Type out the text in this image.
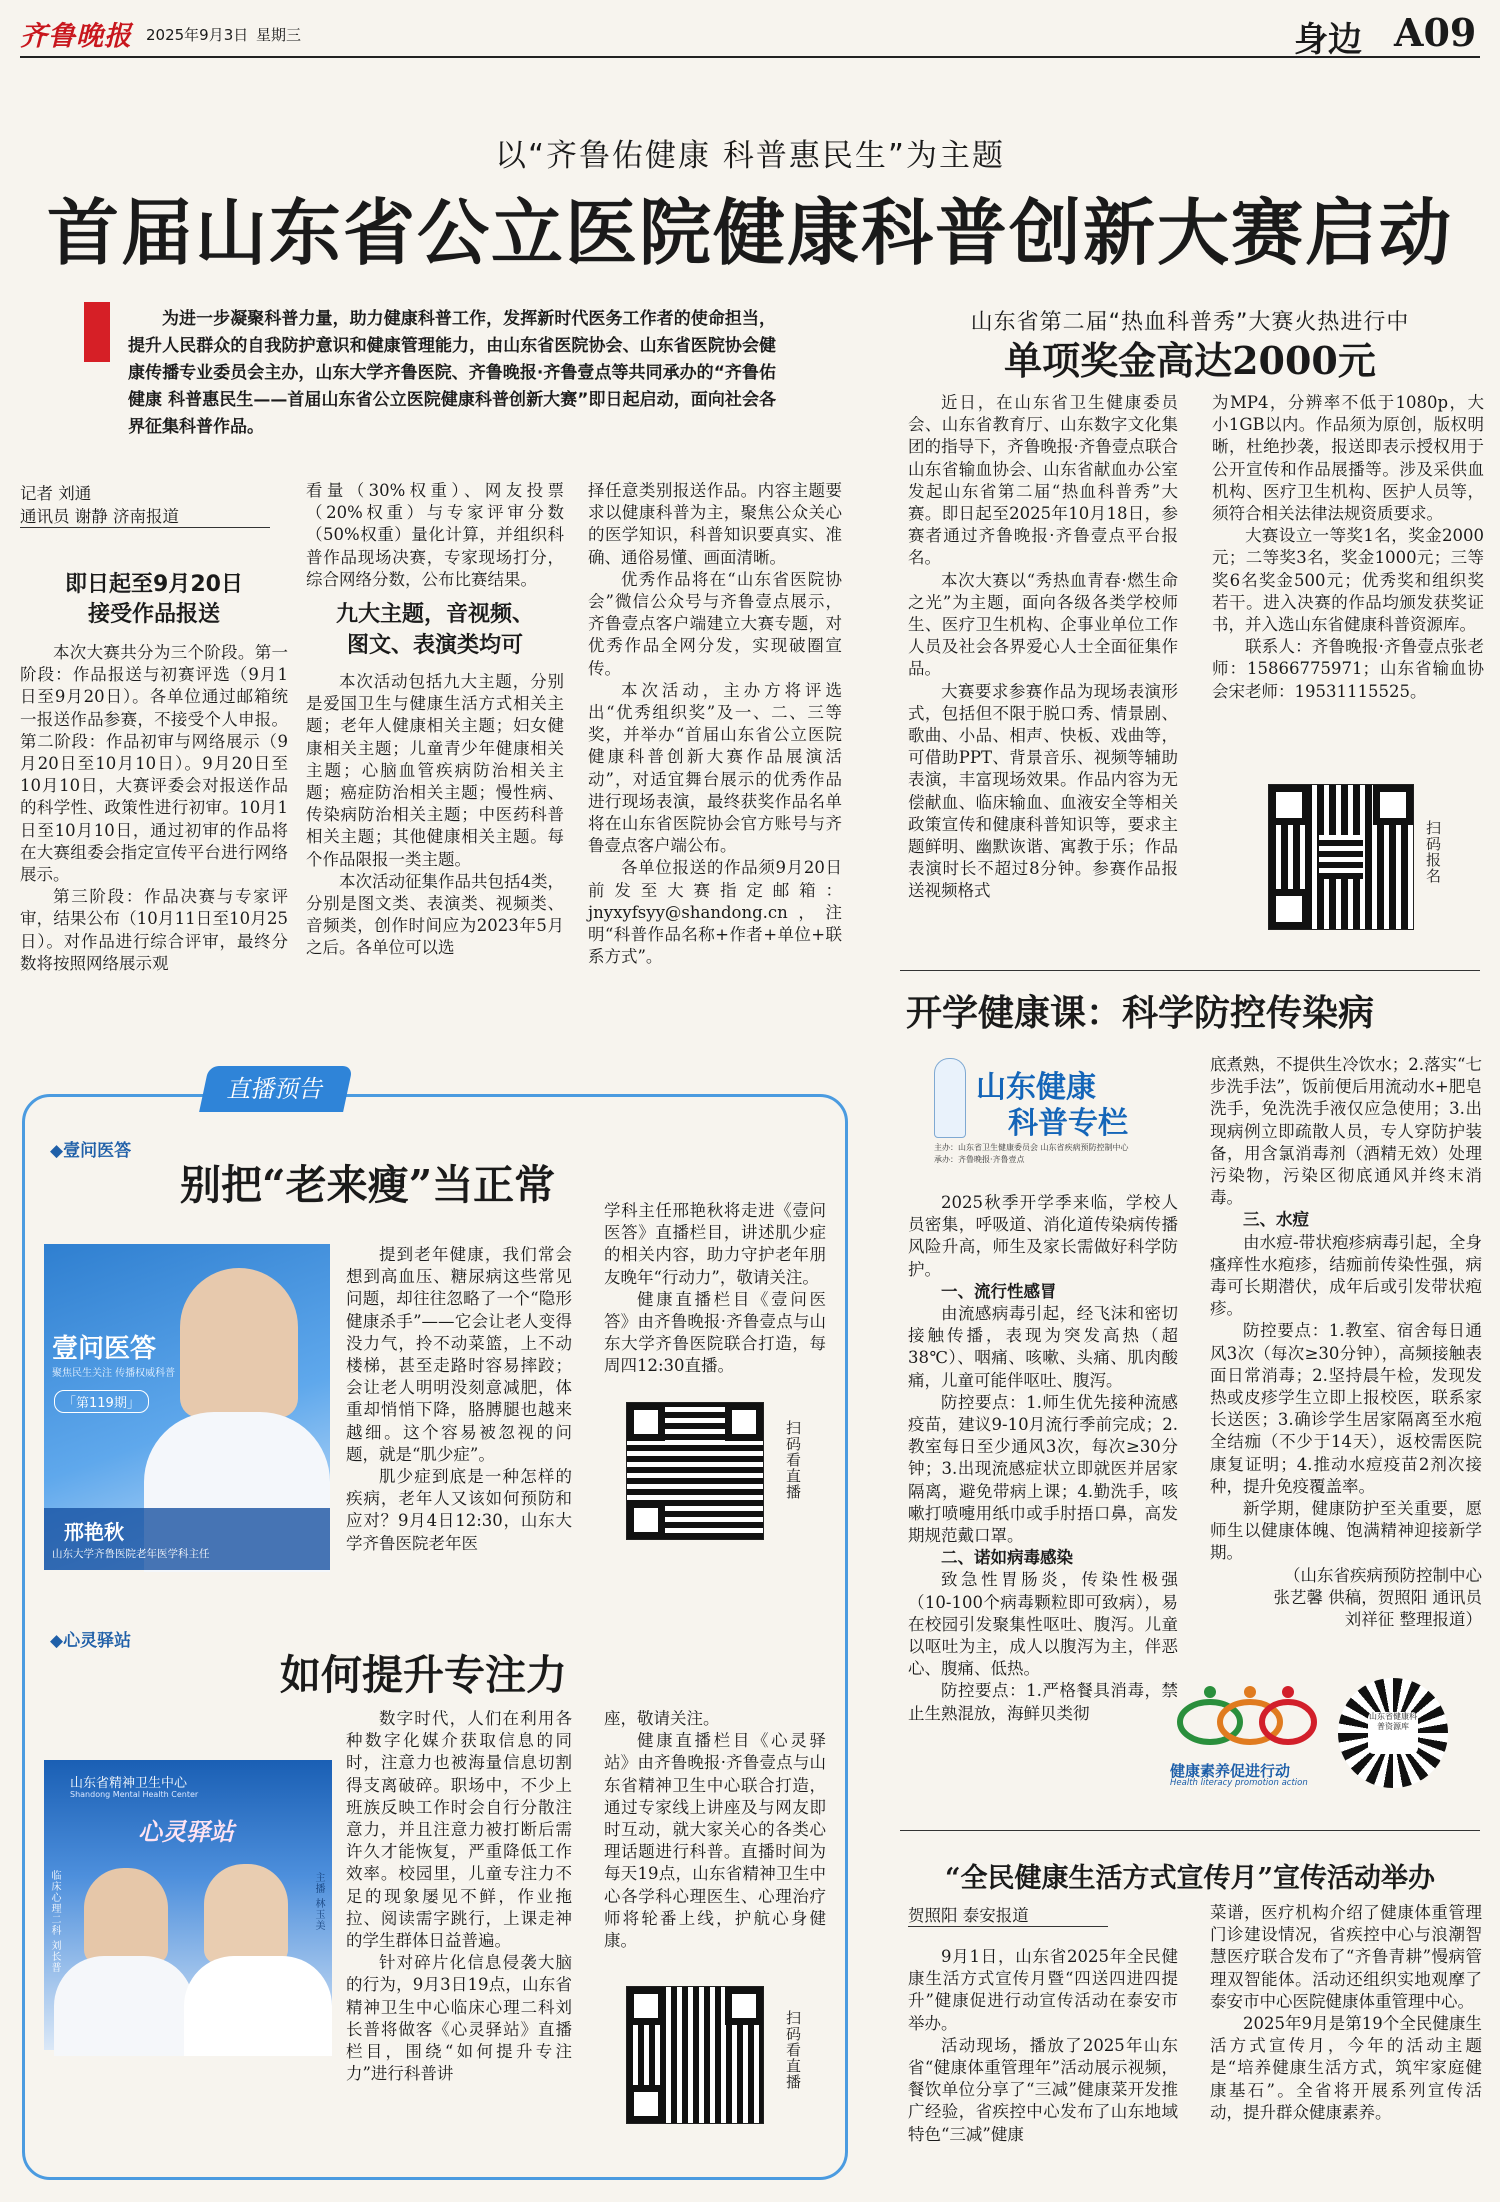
齐鲁晚报 2025年9月3日 星期三	身边 A09
以“齐鲁佑健康 科普惠民生”为主题
首届山东省公立医院健康科普创新大赛启动

为进一步凝聚科普力量，助力健康科普工作，发挥新时代医务工作者的使命担当，提升人民群众的自我防护意识和健康管理能力，由山东省医院协会、山东省医院协会健康传播专业委员会主办，山东大学齐鲁医院、齐鲁晚报·齐鲁壹点等共同承办的“齐鲁佑健康 科普惠民生——首届山东省公立医院健康科普创新大赛”即日起启动，面向社会各界征集科普作品。

记者 刘通
通讯员 谢静 济南报道
即日起至9月20日
接受作品报送

本次大赛共分为三个阶段。第一阶段：作品报送与初赛评选（9月1日至9月20日）。各单位通过邮箱统一报送作品参赛，不接受个人申报。第二阶段：作品初审与网络展示（9月20日至10月10日）。9月20日至10月10日，大赛评委会对报送作品的科学性、政策性进行初审。10月1日至10月10日，通过初审的作品将在大赛组委会指定宣传平台进行网络展示。

第三阶段：作品决赛与专家评审，结果公布（10月11日至10月25日）。对作品进行综合评审，最终分数将按照网络展示观

看量（30%权重）、网友投票（20%权重）与专家评审分数（50%权重）量化计算，并组织科普作品现场决赛，专家现场打分，综合网络分数，公布比赛结果。

九大主题，音视频、
图文、表演类均可

本次活动包括九大主题，分别是爱国卫生与健康生活方式相关主题；老年人健康相关主题；妇女健康相关主题；儿童青少年健康相关主题；心脑血管疾病防治相关主题；癌症防治相关主题；慢性病、传染病防治相关主题；中医药科普相关主题；其他健康相关主题。每个作品限报一类主题。

本次活动征集作品共包括4类，分别是图文类、表演类、视频类、音频类，创作时间应为2023年5月之后。各单位可以选

择任意类别报送作品。内容主题要求以健康科普为主，聚焦公众关心的医学知识，科普知识要真实、准确、通俗易懂、画面清晰。

优秀作品将在“山东省医院协会”微信公众号与齐鲁壹点展示，齐鲁壹点客户端建立大赛专题，对优秀作品全网分发，实现破圈宣传。

本次活动，主办方将评选出“优秀组织奖”及一、二、三等奖，并举办“首届山东省公立医院健康科普创新大赛作品展演活动”，对适宜舞台展示的优秀作品进行现场表演，最终获奖作品名单将在山东省医院协会官方账号与齐鲁壹点客户端公布。

各单位报送的作品须9月20日前发至大赛指定邮箱：jnyxyfsyy@shandong.cn，注明“科普作品名称+作者+单位+联系方式”。

山东省第二届“热血科普秀”大赛火热进行中
单项奖金高达2000元

近日，在山东省卫生健康委员会、山东省教育厅、山东数字文化集团的指导下，齐鲁晚报·齐鲁壹点联合山东省输血协会、山东省献血办公室发起山东省第二届“热血科普秀”大赛。即日起至2025年10月18日，参赛者通过齐鲁晚报·齐鲁壹点平台报名。

本次大赛以“秀热血青春·燃生命之光”为主题，面向各级各类学校师生、医疗卫生机构、企事业单位工作人员及社会各界爱心人士全面征集作品。

大赛要求参赛作品为现场表演形式，包括但不限于脱口秀、情景剧、歌曲、小品、相声、快板、戏曲等，可借助PPT、背景音乐、视频等辅助表演，丰富现场效果。作品内容为无偿献血、临床输血、血液安全等相关政策宣传和健康科普知识等，要求主题鲜明、幽默诙谐、寓教于乐；作品表演时长不超过8分钟。参赛作品报送视频格式

为MP4，分辨率不低于1080p，大小1GB以内。作品须为原创，版权明晰，杜绝抄袭，报送即表示授权用于公开宣传和作品展播等。涉及采供血机构、医疗卫生机构、医护人员等，须符合相关法律法规资质要求。

大赛设立一等奖1名，奖金2000元；二等奖3名，奖金1000元；三等奖6名奖金500元；优秀奖和组织奖若干。进入决赛的作品均颁发获奖证书，并入选山东省健康科普资源库。

联系人：齐鲁晚报·齐鲁壹点张老师：15866775971；山东省输血协会宋老师：19531115525。

扫码报名
开学健康课：科学防控传染病
山东健康
科普专栏
主办：山东省卫生健康委员会 山东省疾病预防控制中心
承办：齐鲁晚报·齐鲁壹点

2025秋季开学季来临，学校人员密集，呼吸道、消化道传染病传播风险升高，师生及家长需做好科学防护。

一、流行性感冒

由流感病毒引起，经飞沫和密切接触传播，表现为突发高热（超38℃）、咽痛、咳嗽、头痛、肌肉酸痛，儿童可能伴呕吐、腹泻。

防控要点：1.师生优先接种流感疫苗，建议9-10月流行季前完成；2.教室每日至少通风3次，每次≥30分钟；3.出现流感症状立即就医并居家隔离，避免带病上课；4.勤洗手，咳嗽打喷嚏用纸巾或手肘捂口鼻，高发期规范戴口罩。

二、诺如病毒感染

致急性胃肠炎，传染性极强（10-100个病毒颗粒即可致病），易在校园引发聚集性呕吐、腹泻。儿童以呕吐为主，成人以腹泻为主，伴恶心、腹痛、低热。

防控要点：1.严格餐具消毒，禁止生熟混放，海鲜贝类彻

底煮熟，不提供生冷饮水；2.落实“七步洗手法”，饭前便后用流动水+肥皂洗手，免洗洗手液仅应急使用；3.出现病例立即疏散人员，专人穿防护装备，用含氯消毒剂（酒精无效）处理污染物，污染区彻底通风并终末消毒。

三、水痘

由水痘-带状疱疹病毒引起，全身瘙痒性水疱疹，结痂前传染性强，病毒可长期潜伏，成年后或引发带状疱疹。

防控要点：1.教室、宿舍每日通风3次（每次≥30分钟），高频接触表面日常消毒；2.坚持晨午检，发现发热或皮疹学生立即上报校医，联系家长送医；3.确诊学生居家隔离至水疱全结痂（不少于14天），返校需医院康复证明；4.推动水痘疫苗2剂次接种，提升免疫覆盖率。

新学期，健康防护至关重要，愿师生以健康体魄、饱满精神迎接新学期。

（山东省疾病预防控制中心
张艺馨 供稿，贺照阳 通讯员
刘祥征 整理报道）
健康素养促进行动
Health literacy promotion action
山东省健康科普资源库
“全民健康生活方式宣传月”宣传活动举办
贺照阳 泰安报道

9月1日，山东省2025年全民健康生活方式宣传月暨“四送四进四提升”健康促进行动宣传活动在泰安市举办。

活动现场，播放了2025年山东省“健康体重管理年”活动展示视频，餐饮单位分享了“三减”健康菜开发推广经验，省疾控中心发布了山东地域特色“三减”健康

菜谱，医疗机构介绍了健康体重管理门诊建设情况，省疾控中心与浪潮智慧医疗联合发布了“齐鲁青耕”慢病管理双智能体。活动还组织实地观摩了泰安市中心医院健康体重管理中心。

2025年9月是第19个全民健康生活方式宣传月，今年的活动主题是“培养健康生活方式，筑牢家庭健康基石”。全省将开展系列宣传活动，提升群众健康素养。

直播预告
◆壹问医答
别把“老来瘦”当正常
壹问医答
聚焦民生关注 传播权威科普
「第119期」
邢艳秋
山东大学齐鲁医院老年医学科主任

提到老年健康，我们常会想到高血压、糖尿病这些常见问题，却往往忽略了一个“隐形健康杀手”——它会让老人变得没力气，拎不动菜篮，上不动楼梯，甚至走路时容易摔跤；会让老人明明没刻意减肥，体重却悄悄下降，胳膊腿也越来越细。这个容易被忽视的问题，就是“肌少症”。

肌少症到底是一种怎样的疾病，老年人又该如何预防和应对？9月4日12:30，山东大学齐鲁医院老年医

学科主任邢艳秋将走进《壹问医答》直播栏目，讲述肌少症的相关内容，助力守护老年朋友晚年“行动力”，敬请关注。

健康直播栏目《壹问医答》由齐鲁晚报·齐鲁壹点与山东大学齐鲁医院联合打造，每周四12:30直播。

扫码看直播
◆心灵驿站
如何提升专注力
山东省精神卫生中心
Shandong Mental Health Center
心灵驿站
临床心理二科 刘长普	主播 林玉美

数字时代，人们在利用各种数字化媒介获取信息的同时，注意力也被海量信息切割得支离破碎。职场中，不少上班族反映工作时会自行分散注意力，并且注意力被打断后需许久才能恢复，严重降低工作效率。校园里，儿童专注力不足的现象屡见不鲜，作业拖拉、阅读需字跳行，上课走神的学生群体日益普遍。

针对碎片化信息侵袭大脑的行为，9月3日19点，山东省精神卫生中心临床心理二科刘长普将做客《心灵驿站》直播栏目，围绕“如何提升专注力”进行科普讲

座，敬请关注。

健康直播栏目《心灵驿站》由齐鲁晚报·齐鲁壹点与山东省精神卫生中心联合打造，通过专家线上讲座及与网友即时互动，就大家关心的各类心理话题进行科普。直播时间为每天19点，山东省精神卫生中心各学科心理医生、心理治疗师将轮番上线，护航心身健康。

扫码看直播
